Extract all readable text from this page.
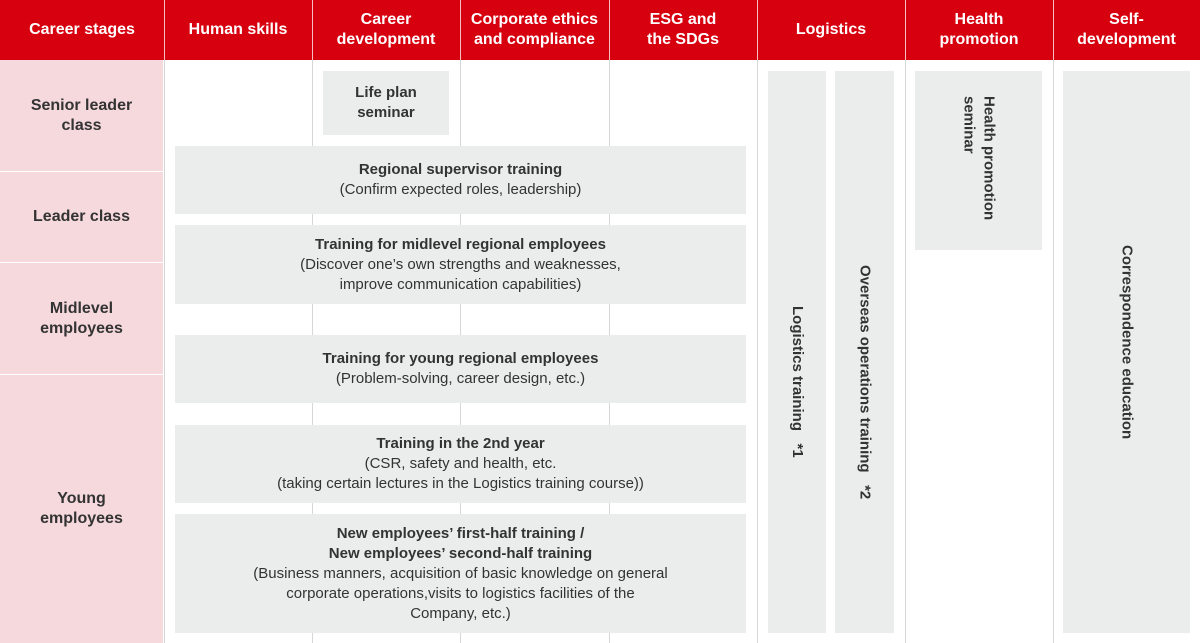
Career stages	Human skills
Career
development
Corporate ethics
and compliance
ESG and
the SDGs
Logistics
Health
promotion
Self-
development
Senior leader
class
Leader class
Midlevel
employees
Young
employees
Life plan
seminar
Regional supervisor training
(Confirm expected roles, leadership)
Training for midlevel regional employees
(Discover one’s own strengths and weaknesses,
improve communication capabilities)
Training for young regional employees
(Problem-solving, career design, etc.)
Training in the 2nd year
(CSR, safety and health, etc.
(taking certain lectures in the Logistics training course))
New employees’ first-half training /
New employees’ second-half training
(Business manners, acquisition of basic knowledge on general
corporate operations,visits to logistics facilities of the
Company, etc.)
Logistics training   *1	Overseas operations training   *2
Health promotion
seminar
Correspondence education
